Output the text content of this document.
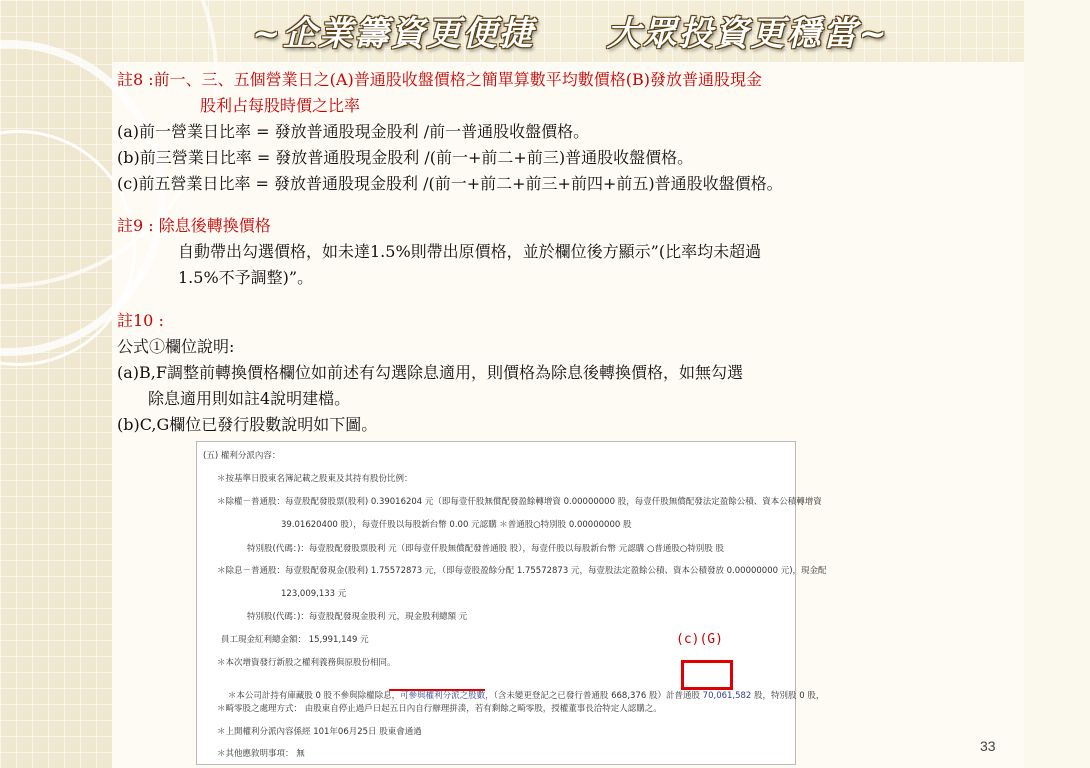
~企業籌資更便捷　　大眾投資更穩當~
註8 :前一、三、五個營業日之(A)普通股收盤價格之簡單算數平均數價格(B)發放普通股現金
股利占每股時價之比率
(a)前一營業日比率 = 發放普通股現金股利 /前一普通股收盤價格。
(b)前三營業日比率 = 發放普通股現金股利 /(前一+前二+前三)普通股收盤價格。
(c)前五營業日比率 = 發放普通股現金股利 /(前一+前二+前三+前四+前五)普通股收盤價格。
註9 : 除息後轉換價格
自動帶出勾選價格，如未達1.5%則帶出原價格，並於欄位後方顯示”(比率均未超過
1.5%不予調整)”。
註10 :
公式①欄位說明:
(a)B,F調整前轉換價格欄位如前述有勾選除息適用，則價格為除息後轉換價格，如無勾選
除息適用則如註4說明建檔。
(b)C,G欄位已發行股數說明如下圖。
(五) 權利分派內容：
＊按基準日股東名簿記載之股東及其持有股份比例：
＊除權－普通股：每壹股配發股票(股利) 0.39016204 元（即每壹仟股無償配發盈餘轉增資 0.00000000 股，每壹仟股無償配發法定盈餘公積、資本公積轉增資
39.01620400 股），每壹仟股以每股新台幣 0.00 元認購 ＊普通股○特別股 0.00000000 股
特別股(代碼：)：每壹股配發股票股利 元（即每壹仟股無償配發普通股 股），每壹仟股以每股新台幣 元認購 ○普通股○特別股 股
＊除息－普通股：每壹股配發現金(股利) 1.75572873 元，（即每壹股盈餘分配 1.75572873 元，每壹股法定盈餘公積、資本公積發放 0.00000000 元)，現金配
123,009,133 元
特別股(代碼：)：每壹股配發現金股利 元，現金股利總額 元
員工現金紅利總金額： 15,991,149 元
＊本次增資發行新股之權利義務與原股份相同。

＊本公司計持有庫藏股 0 股不參與除權除息，可參與權利分派之股數，（含未變更登記之已發行普通股 668,376 股）計普通股 70,061,582 股，特別股 0 股，

＊畸零股之處理方式： 由股東自停止過戶日起五日內自行辦理拼湊，若有剩餘之畸零股，授權董事長洽特定人認購之。
＊上開權利分派內容係經 101年06月25日 股東會通過
＊其他應敘明事項： 無
(c)(G)
33
